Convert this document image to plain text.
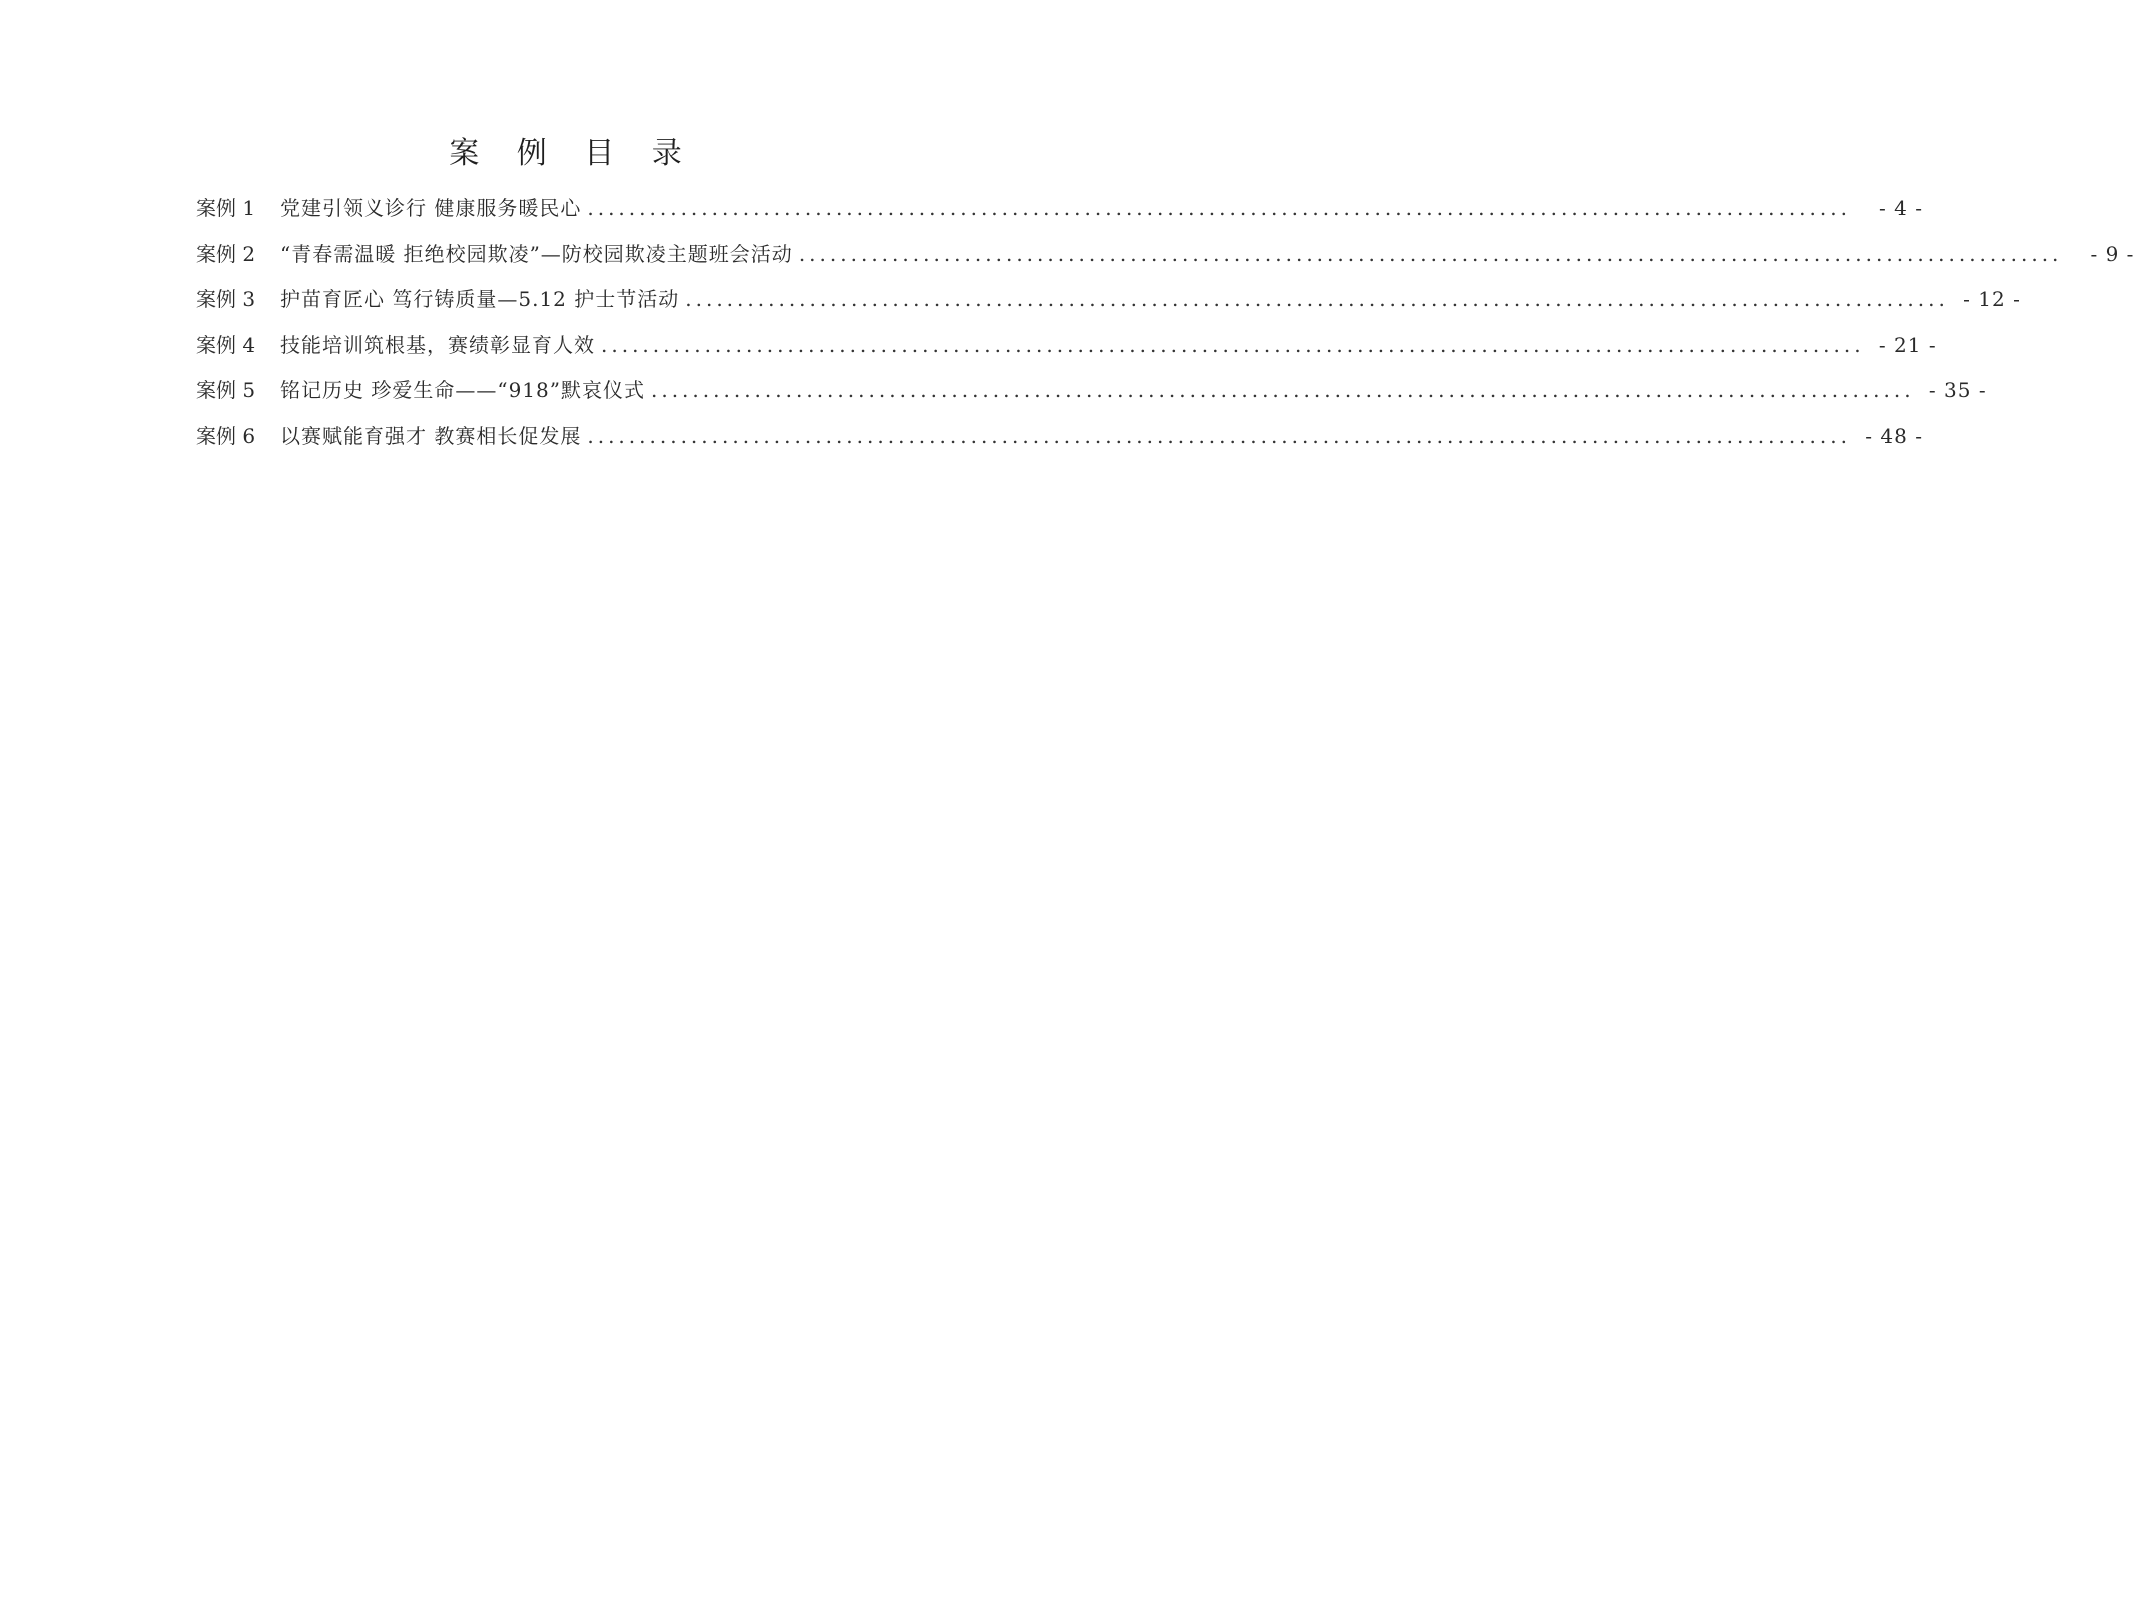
案 例 目 录
案例 1	党建引领义诊行 健康服务暖民心 .....	- 4 -
案例 2	“青春需温暖 拒绝校园欺凌”—防校园欺凌主题班会活动 .....	- 9 -
案例 3	护苗育匠心 笃行铸质量—5.12 护士节活动 .....	- 12 -
案例 4	技能培训筑根基，赛绩彰显育人效 .....	- 21 -
案例 5	铭记历史 珍爱生命——“918”默哀仪式 .....	- 35 -
案例 6	以赛赋能育强才 教赛相长促发展 .....	- 48 -
